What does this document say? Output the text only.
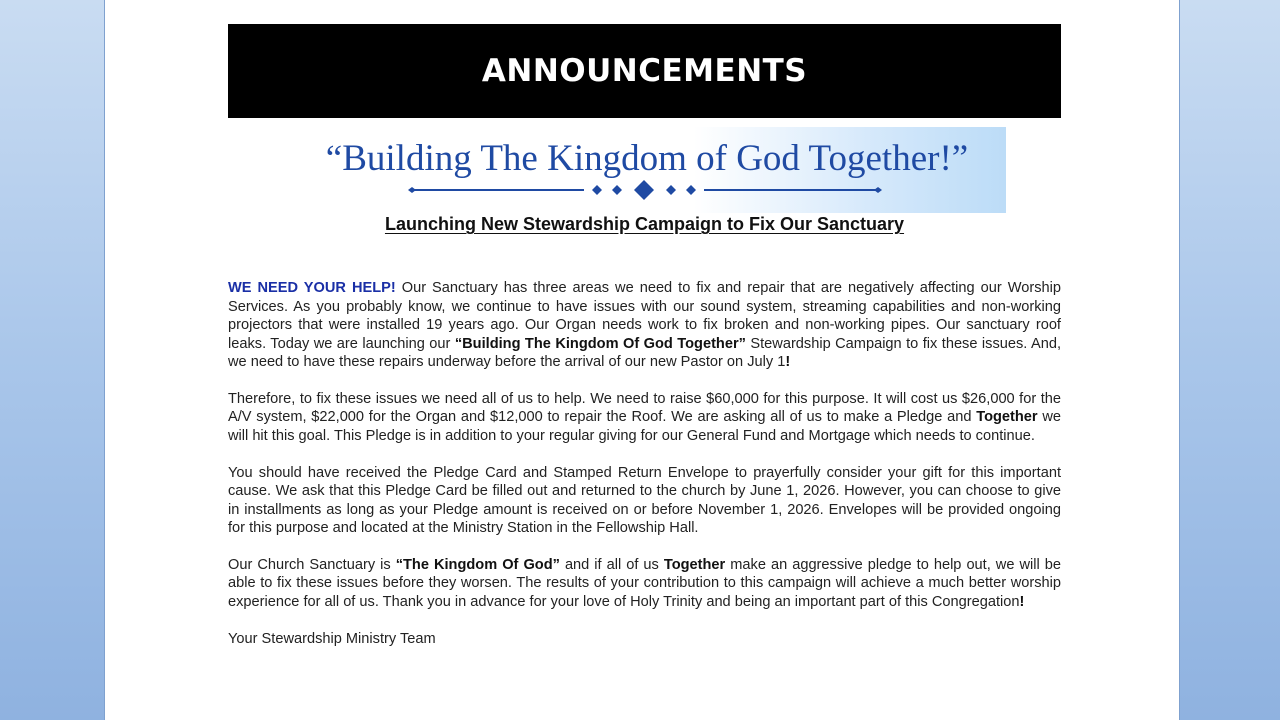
ANNOUNCEMENTS
“Building The Kingdom of God Together!”
Launching New Stewardship Campaign to Fix Our Sanctuary

WE NEED YOUR HELP! Our Sanctuary has three areas we need to fix and repair that are negatively affecting our Worship Services. As you probably know, we continue to have issues with our sound system, streaming capabilities and non-working projectors that were installed 19 years ago. Our Organ needs work to fix broken and non-working pipes. Our sanctuary roof leaks. Today we are launching our “Building The Kingdom Of God Together” Stewardship Campaign to fix these issues. And, we need to have these repairs underway before the arrival of our new Pastor on July 1!

Therefore, to fix these issues we need all of us to help. We need to raise $60,000 for this purpose. It will cost us $26,000 for the A/V system, $22,000 for the Organ and $12,000 to repair the Roof. We are asking all of us to make a Pledge and Together we will hit this goal. This Pledge is in addition to your regular giving for our General Fund and Mortgage which needs to continue.

You should have received the Pledge Card and Stamped Return Envelope to prayerfully consider your gift for this important cause. We ask that this Pledge Card be filled out and returned to the church by June 1, 2026. However, you can choose to give in installments as long as your Pledge amount is received on or before November 1, 2026. Envelopes will be provided ongoing for this purpose and located at the Ministry Station in the Fellowship Hall.

Our Church Sanctuary is “The Kingdom Of God” and if all of us Together make an aggressive pledge to help out, we will be able to fix these issues before they worsen. The results of your contribution to this campaign will achieve a much better worship experience for all of us. Thank you in advance for your love of Holy Trinity and being an important part of this Congregation!

Your Stewardship Ministry Team
